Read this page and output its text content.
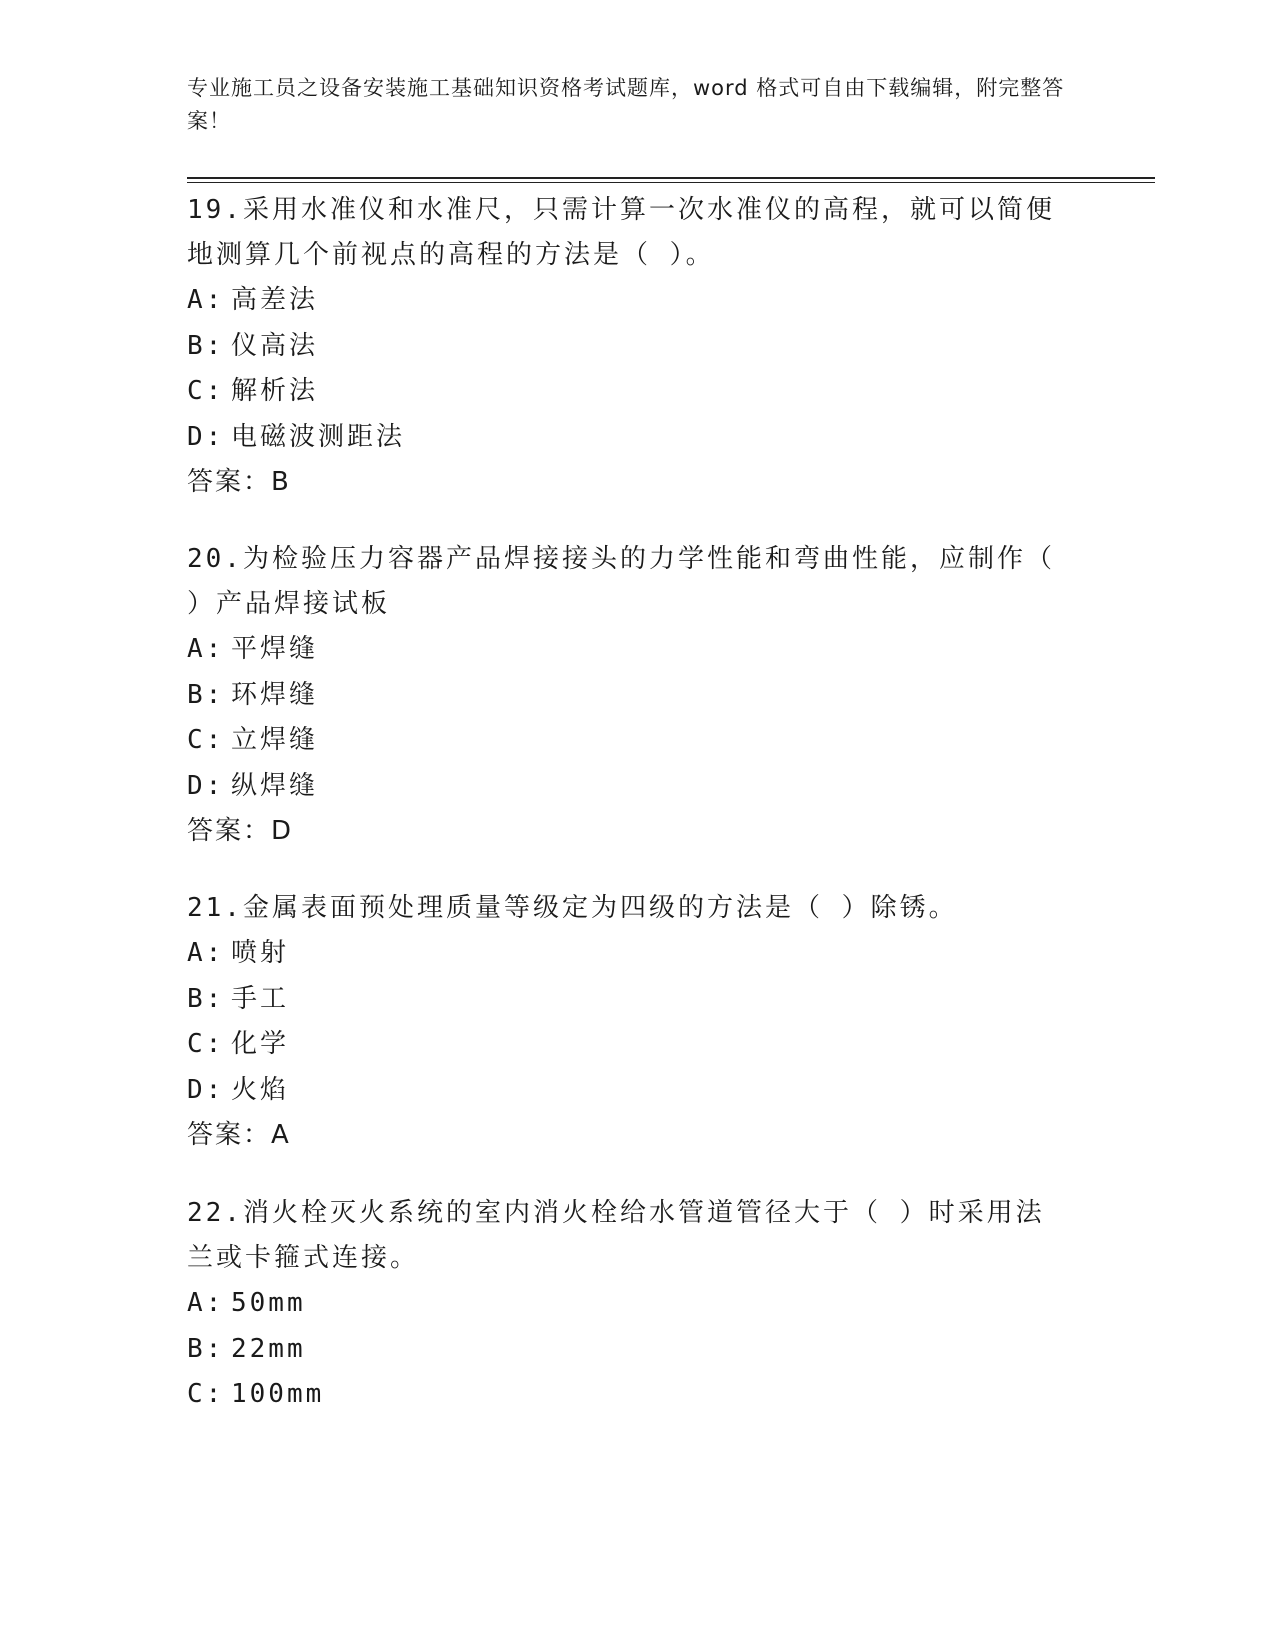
专业施工员之设备安装施工基础知识资格考试题库，word 格式可自由下载编辑，附完整答案！

19.采用水准仪和水准尺，只需计算一次水准仪的高程，就可以简便地测算几个前视点的高程的方法是（ ）。

A: 高差法

B: 仪高法

C: 解析法

D: 电磁波测距法

答案：B

20.为检验压力容器产品焊接接头的力学性能和弯曲性能，应制作（ ）产品焊接试板

A: 平焊缝

B: 环焊缝

C: 立焊缝

D: 纵焊缝

答案：D

21.金属表面预处理质量等级定为四级的方法是（ ）除锈。

A: 喷射

B: 手工

C: 化学

D: 火焰

答案：A

22.消火栓灭火系统的室内消火栓给水管道管径大于（ ）时采用法兰或卡箍式连接。

A: 50mm

B: 22mm

C: 100mm
